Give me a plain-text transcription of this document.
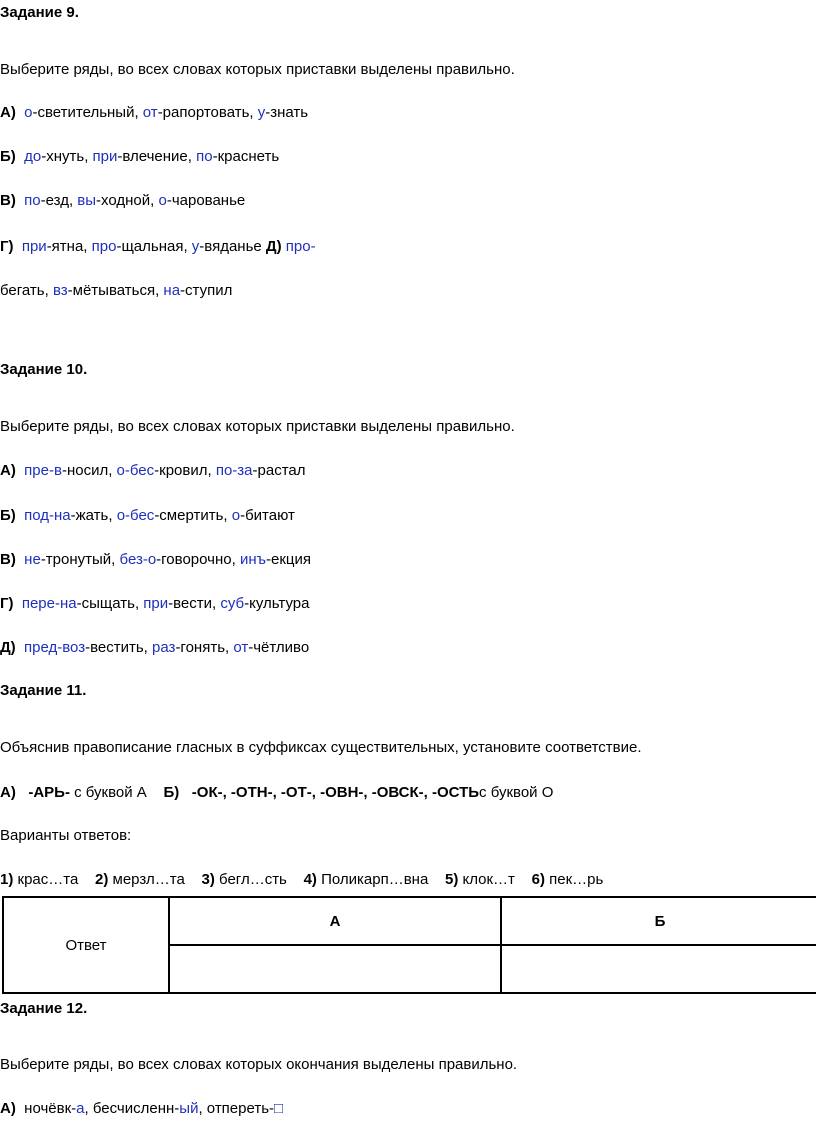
Задание 9.
Выберите ряды, во всех словах которых приставки выделены правильно.
А) о-светительный, от-рапортовать, у-знать
Б) до-хнуть, при-влечение, по-краснеть
В) по-езд, вы-ходной, о-чарованье
Г) при-ятна, про-щальная, у-вяданье Д) про-
бегать, вз-мётываться, на-ступил
Задание 10.
Выберите ряды, во всех словах которых приставки выделены правильно.
А) пре-в-носил, о-бес-кровил, по-за-растал
Б) под-на-жать, о-бес-смертить, о-битают
В) не-тронутый, без-о-говорочно, инъ-екция
Г) пере-на-сыщать, при-вести, суб-культура
Д) пред-воз-вестить, раз-гонять, от-чётливо
Задание 11.
Объяснив правописание гласных в суффиксах существительных, установите соответствие.
А) -АРЬ- с буквой А Б) -ОК-, -ОТН-, -ОТ-, -ОВН-, -ОВСК-, -ОСТЬс буквой О
Варианты ответов:
1) крас…та 2) мерзл…та 3) бегл…сть 4) Поликарп…вна 5) клок…т 6) пек…рь
Ответ	А	Б

Задание 12.
Выберите ряды, во всех словах которых окончания выделены правильно.
А) ночёвк-а, бесчисленн-ый, отпереть-□
